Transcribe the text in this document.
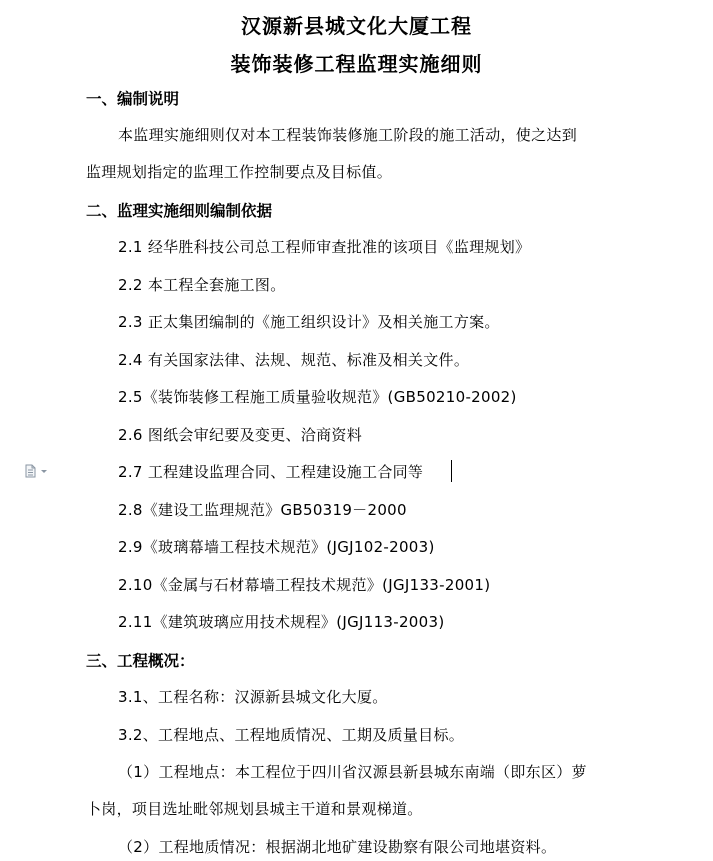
汉源新县城文化大厦工程
装饰装修工程监理实施细则
一、编制说明
本监理实施细则仅对本工程装饰装修施工阶段的施工活动，使之达到
监理规划指定的监理工作控制要点及目标值。
二、监理实施细则编制依据
2.1 经华胜科技公司总工程师审查批准的该项目《监理规划》
2.2 本工程全套施工图。
2.3 正太集团编制的《施工组织设计》及相关施工方案。
2.4 有关国家法律、法规、规范、标准及相关文件。
2.5《装饰装修工程施工质量验收规范》(GB50210-2002)
2.6 图纸会审纪要及变更、洽商资料
2.7 工程建设监理合同、工程建设施工合同等
2.8《建设工监理规范》GB50319－2000
2.9《玻璃幕墙工程技术规范》(JGJ102-2003)
2.10《金属与石材幕墙工程技术规范》(JGJ133-2001)
2.11《建筑玻璃应用技术规程》(JGJ113-2003)
三、工程概况：
3.1、工程名称：汉源新县城文化大厦。
3.2、工程地点、工程地质情况、工期及质量目标。
（1）工程地点：本工程位于四川省汉源县新县城东南端（即东区）萝
卜岗，项目选址毗邻规划县城主干道和景观梯道。
（2）工程地质情况：根据湖北地矿建设勘察有限公司地堪资料。
